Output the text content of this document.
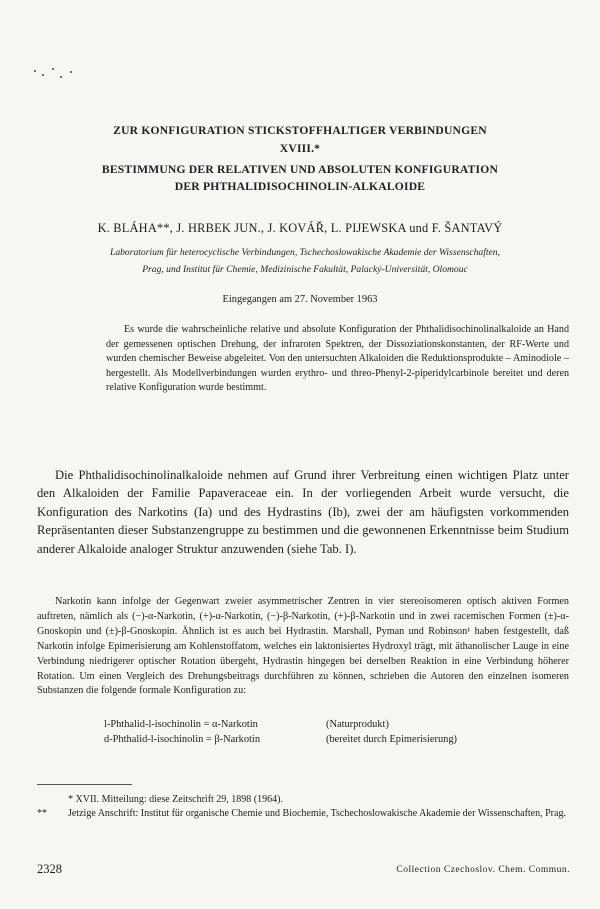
ZUR KONFIGURATION STICKSTOFFHALTIGER VERBINDUNGEN
XVIII.*
BESTIMMUNG DER RELATIVEN UND ABSOLUTEN KONFIGURATION
DER PHTHALIDISOCHINOLIN-ALKALOIDE
K. BLÁHA**, J. HRBEK JUN., J. KOVÁŘ, L. PIJEWSKA und F. ŠANTAVÝ
Laboratorium für heterocyclische Verbindungen, Tschechoslowakische Akademie der Wissenschaften,
Prag, und Institut für Chemie, Medizinische Fakultät, Palacký-Universität, Olomouc
Eingegangen am 27. November 1963

Es wurde die wahrscheinliche relative und absolute Konfiguration der Phthalidisochinolinalkaloide an Hand der gemessenen optischen Drehung, der infraroten Spektren, der Dissoziationskonstanten, der RF-Werte und wurden chemischer Beweise abgeleitet. Von den untersuchten Alkaloiden die Reduktionsprodukte – Aminodiole – hergestellt. Als Modellverbindungen wurden erythro- und threo-Phenyl-2-piperidylcarbinole bereitet und deren relative Konfiguration wurde bestimmt.

Die Phthalidisochinolinalkaloide nehmen auf Grund ihrer Verbreitung einen wichtigen Platz unter den Alkaloiden der Familie Papaveraceae ein. In der vorliegenden Arbeit wurde versucht, die Konfiguration des Narkotins (Ia) und des Hydrastins (Ib), zwei der am häufigsten vorkommenden Repräsentanten dieser Substanzengruppe zu bestimmen und die gewonnenen Erkenntnisse beim Studium anderer Alkaloide analoger Struktur anzuwenden (siehe Tab. I).

Narkotin kann infolge der Gegenwart zweier asymmetrischer Zentren in vier stereoisomeren optisch aktiven Formen auftreten, nämlich als (−)-α-Narkotin, (+)-α-Narkotin, (−)-β-Narkotin, (+)-β-Narkotin und in zwei racemischen Formen (±)-α-Gnoskopin und (±)-β-Gnoskopin. Ähnlich ist es auch bei Hydrastin. Marshall, Pyman und Robinson¹ haben festgestellt, daß Narkotin infolge Epimerisierung am Kohlenstoffatom, welches ein laktonisiertes Hydroxyl trägt, mit äthanolischer Lauge in eine Verbindung niedrigerer optischer Rotation übergeht, Hydrastin hingegen bei derselben Reaktion in eine Verbindung höherer Rotation. Um einen Vergleich des Drehungsbeitrags durchführen zu können, schrieben die Autoren den einzelnen isomeren Substanzen die folgende formale Konfiguration zu:

l-Phthalid-l-isochinolin = α-Narkotin	(Naturprodukt)
d-Phthalid-l-isochinolin = β-Narkotin	(bereitet durch Epimerisierung)
* XVII. Mitteilung: diese Zeitschrift 29, 1898 (1964).
** Jetzige Anschrift: Institut für organische Chemie und Biochemie, Tschechoslowakische Akademie der Wissenschaften, Prag.
2328	Collection Czechoslov. Chem. Commun.
